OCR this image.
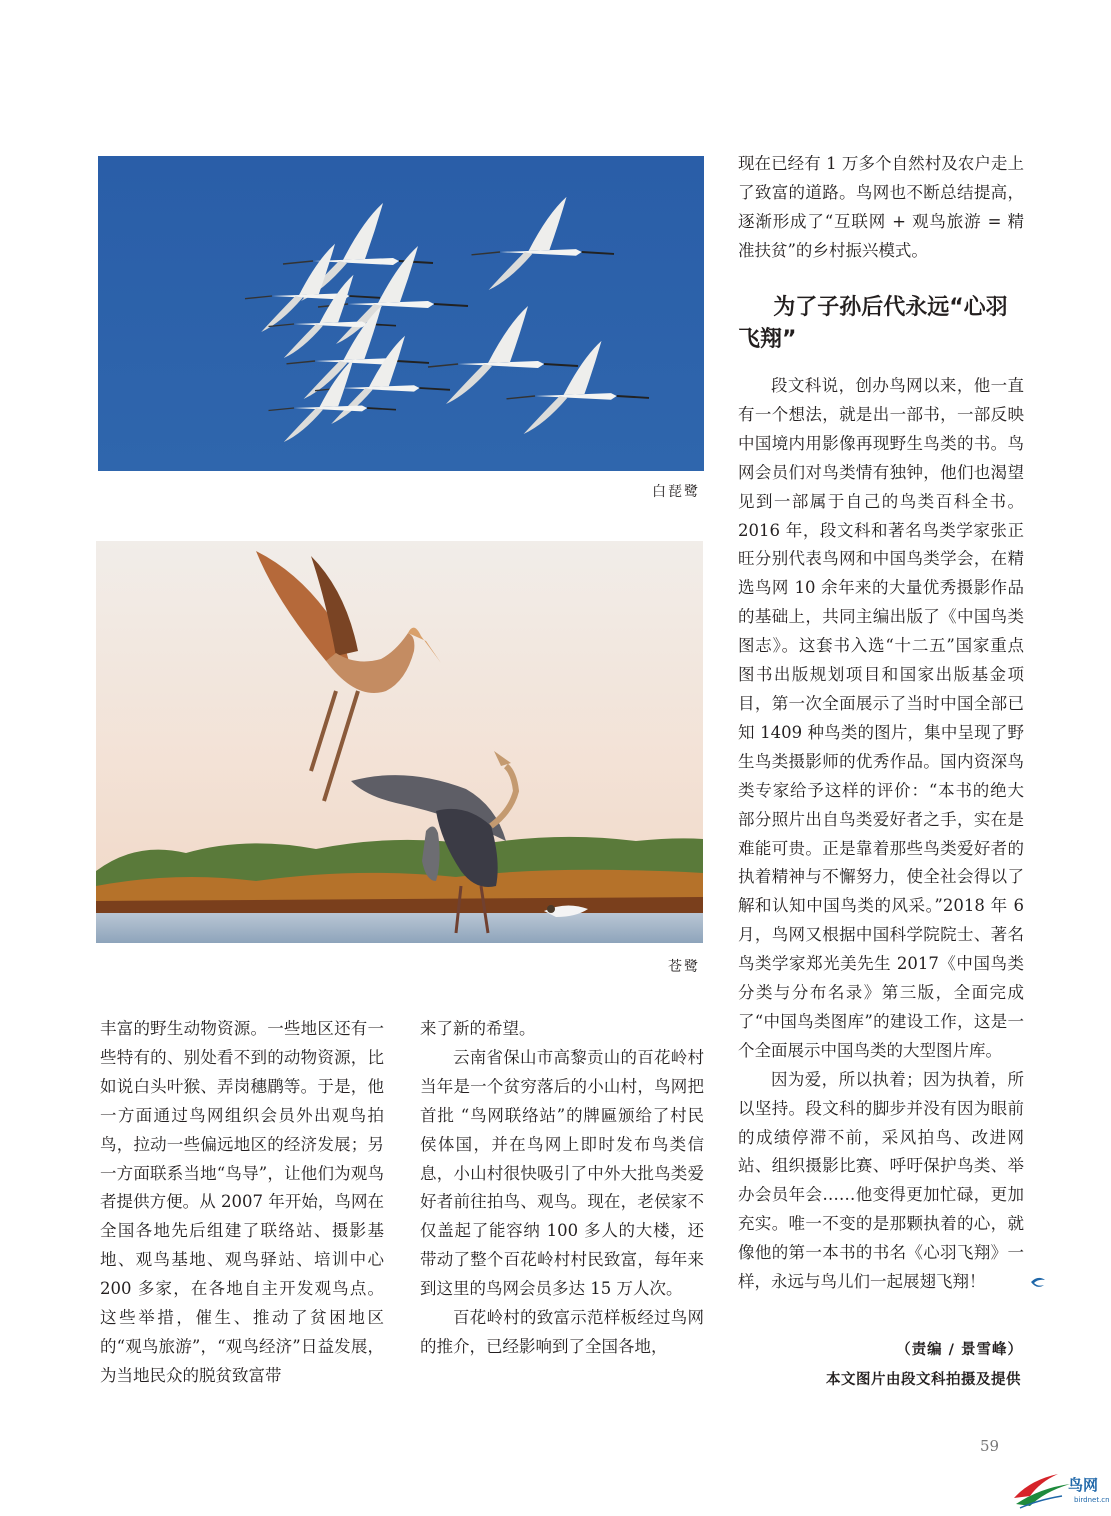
白琵鹭
苍鹭

丰富的野生动物资源。一些地区还有一些特有的、别处看不到的动物资源，比如说白头叶猴、弄岗穗鹛等。于是，他一方面通过鸟网组织会员外出观鸟拍鸟，拉动一些偏远地区的经济发展；另一方面联系当地“鸟导”，让他们为观鸟者提供方便。从 2007 年开始，鸟网在全国各地先后组建了联络站、摄影基地、观鸟基地、观鸟驿站、培训中心 200 多家，在各地自主开发观鸟点。这些举措，催生、推动了贫困地区的“观鸟旅游”，“观鸟经济”日益发展，为当地民众的脱贫致富带

来了新的希望。

云南省保山市高黎贡山的百花岭村当年是一个贫穷落后的小山村，鸟网把首批 “鸟网联络站”的牌匾颁给了村民侯体国，并在鸟网上即时发布鸟类信息，小山村很快吸引了中外大批鸟类爱好者前往拍鸟、观鸟。现在，老侯家不仅盖起了能容纳 100 多人的大楼，还带动了整个百花岭村村民致富，每年来到这里的鸟网会员多达 15 万人次。

百花岭村的致富示范样板经过鸟网的推介，已经影响到了全国各地，

现在已经有 1 万多个自然村及农户走上了致富的道路。鸟网也不断总结提高，逐渐形成了“互联网 + 观鸟旅游 = 精准扶贫”的乡村振兴模式。

为了子孙后代永远“心羽飞翔”

段文科说，创办鸟网以来，他一直有一个想法，就是出一部书，一部反映中国境内用影像再现野生鸟类的书。鸟网会员们对鸟类情有独钟，他们也渴望见到一部属于自己的鸟类百科全书。2016 年，段文科和著名鸟类学家张正旺分别代表鸟网和中国鸟类学会，在精选鸟网 10 余年来的大量优秀摄影作品的基础上，共同主编出版了《中国鸟类图志》。这套书入选“十二五”国家重点图书出版规划项目和国家出版基金项目，第一次全面展示了当时中国全部已知 1409 种鸟类的图片，集中呈现了野生鸟类摄影师的优秀作品。国内资深鸟类专家给予这样的评价：“本书的绝大部分照片出自鸟类爱好者之手，实在是难能可贵。正是靠着那些鸟类爱好者的执着精神与不懈努力，使全社会得以了解和认知中国鸟类的风采。”2018 年 6 月，鸟网又根据中国科学院院士、著名鸟类学家郑光美先生 2017《中国鸟类分类与分布名录》第三版，全面完成了“中国鸟类图库”的建设工作，这是一个全面展示中国鸟类的大型图片库。

因为爱，所以执着；因为执着，所以坚持。段文科的脚步并没有因为眼前的成绩停滞不前，采风拍鸟、改进网站、组织摄影比赛、呼吁保护鸟类、举办会员年会……他变得更加忙碌，更加充实。唯一不变的是那颗执着的心，就像他的第一本书的书名《心羽飞翔》一样，永远与鸟儿们一起展翅飞翔！

（责编 / 景雪峰）
本文图片由段文科拍摄及提供
59
鸟网
birdnet.cn
